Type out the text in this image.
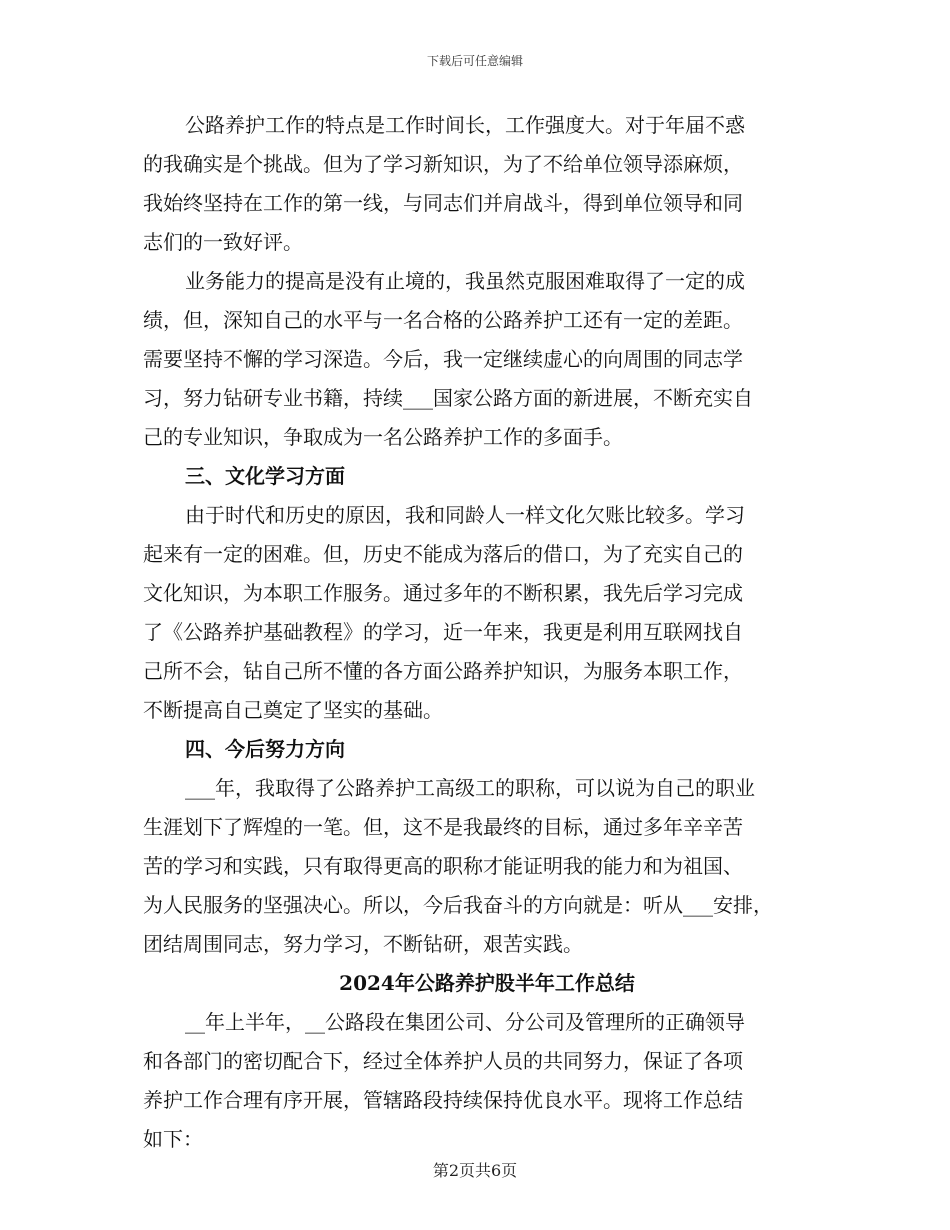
下载后可任意编辑
公路养护工作的特点是工作时间长，工作强度大。对于年届不惑
的我确实是个挑战。但为了学习新知识，为了不给单位领导添麻烦，
我始终坚持在工作的第一线，与同志们并肩战斗，得到单位领导和同
志们的一致好评。
业务能力的提高是没有止境的，我虽然克服困难取得了一定的成
绩，但，深知自己的水平与一名合格的公路养护工还有一定的差距。
需要坚持不懈的学习深造。今后，我一定继续虚心的向周围的同志学
习，努力钻研专业书籍，持续___国家公路方面的新进展，不断充实自
己的专业知识，争取成为一名公路养护工作的多面手。
三、文化学习方面
由于时代和历史的原因，我和同龄人一样文化欠账比较多。学习
起来有一定的困难。但，历史不能成为落后的借口，为了充实自己的
文化知识，为本职工作服务。通过多年的不断积累，我先后学习完成
了《公路养护基础教程》的学习，近一年来，我更是利用互联网找自
己所不会，钻自己所不懂的各方面公路养护知识，为服务本职工作，
不断提高自己奠定了坚实的基础。
四、今后努力方向
___年，我取得了公路养护工高级工的职称，可以说为自己的职业
生涯划下了辉煌的一笔。但，这不是我最终的目标，通过多年辛辛苦
苦的学习和实践，只有取得更高的职称才能证明我的能力和为祖国、
为人民服务的坚强决心。所以，今后我奋斗的方向就是：听从___安排，
团结周围同志，努力学习，不断钻研，艰苦实践。
2024年公路养护股半年工作总结
__年上半年，__公路段在集团公司、分公司及管理所的正确领导
和各部门的密切配合下，经过全体养护人员的共同努力，保证了各项
养护工作合理有序开展，管辖路段持续保持优良水平。现将工作总结
如下：
第2页共6页
